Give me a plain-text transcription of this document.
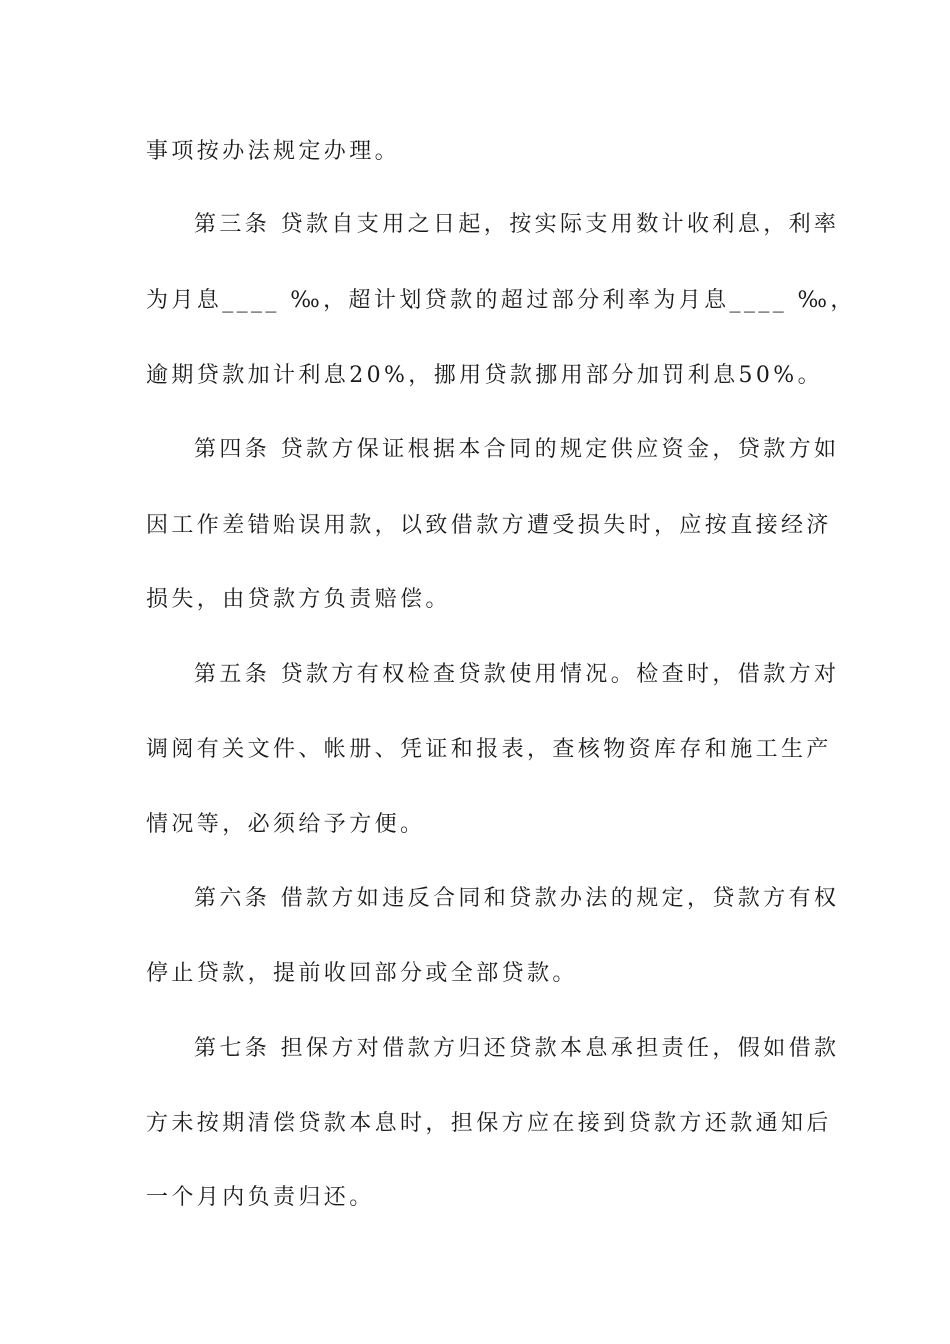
事项按办法规定办理。
第三条 贷款自支用之日起，按实际支用数计收利息，利率
为月息____ ‰，超计划贷款的超过部分利率为月息____ ‰，
逾期贷款加计利息20%，挪用贷款挪用部分加罚利息50%。
第四条 贷款方保证根据本合同的规定供应资金，贷款方如
因工作差错贻误用款，以致借款方遭受损失时，应按直接经济
损失，由贷款方负责赔偿。
第五条 贷款方有权检查贷款使用情况。检查时，借款方对
调阅有关文件、帐册、凭证和报表，查核物资库存和施工生产
情况等，必须给予方便。
第六条 借款方如违反合同和贷款办法的规定，贷款方有权
停止贷款，提前收回部分或全部贷款。
第七条 担保方对借款方归还贷款本息承担责任，假如借款
方未按期清偿贷款本息时，担保方应在接到贷款方还款通知后
一个月内负责归还。
